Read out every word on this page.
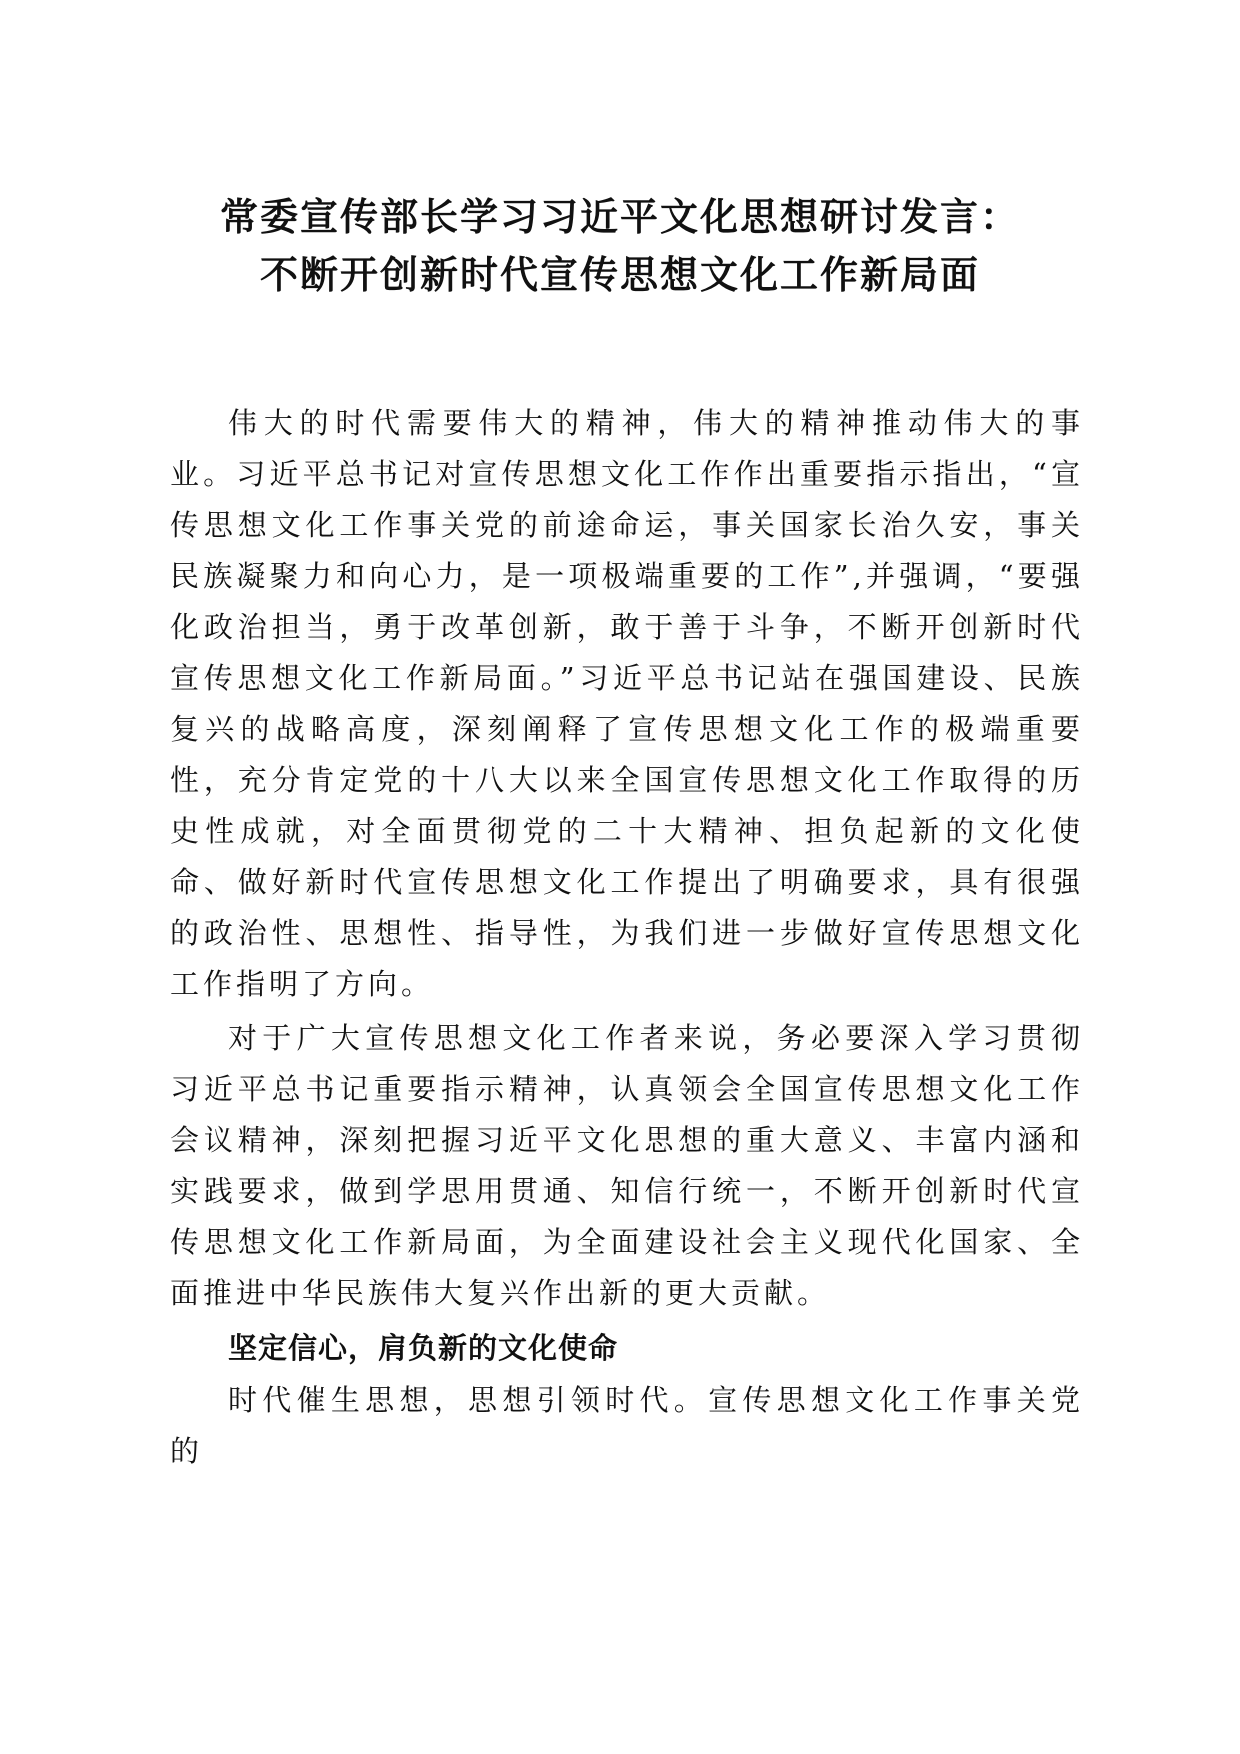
常委宣传部长学习习近平文化思想研讨发言：
不断开创新时代宣传思想文化工作新局面

伟大的时代需要伟大的精神，伟大的精神推动伟大的事业。习近平总书记对宣传思想文化工作作出重要指示指出，“宣传思想文化工作事关党的前途命运，事关国家长治久安，事关民族凝聚力和向心力，是一项极端重要的工作”,并强调，“要强化政治担当，勇于改革创新，敢于善于斗争，不断开创新时代宣传思想文化工作新局面。”习近平总书记站在强国建设、民族复兴的战略高度，深刻阐释了宣传思想文化工作的极端重要性，充分肯定党的十八大以来全国宣传思想文化工作取得的历史性成就，对全面贯彻党的二十大精神、担负起新的文化使命、做好新时代宣传思想文化工作提出了明确要求，具有很强的政治性、思想性、指导性，为我们进一步做好宣传思想文化工作指明了方向。

对于广大宣传思想文化工作者来说，务必要深入学习贯彻习近平总书记重要指示精神，认真领会全国宣传思想文化工作会议精神，深刻把握习近平文化思想的重大意义、丰富内涵和实践要求，做到学思用贯通、知信行统一，不断开创新时代宣传思想文化工作新局面，为全面建设社会主义现代化国家、全面推进中华民族伟大复兴作出新的更大贡献。

坚定信心，肩负新的文化使命

时代催生思想，思想引领时代。宣传思想文化工作事关党的
